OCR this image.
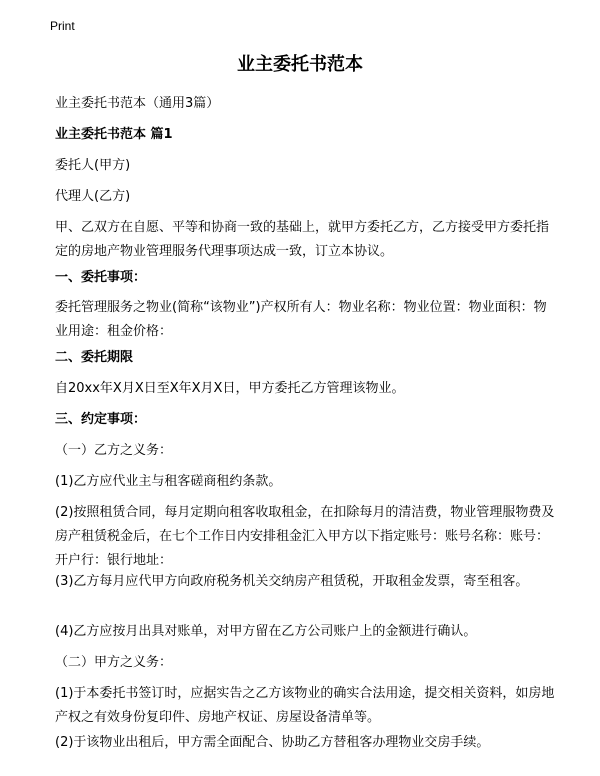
Print
业主委托书范本
业主委托书范本（通用3篇）
业主委托书范本 篇1
委托人(甲方)
代理人(乙方)
甲、乙双方在自愿、平等和协商一致的基础上，就甲方委托乙方，乙方接受甲方委托指定的房地产物业管理服务代理事项达成一致，订立本协议。
一、委托事项：
委托管理服务之物业(简称“该物业”)产权所有人：物业名称：物业位置：物业面积：物业用途：租金价格：
二、委托期限
自20xx年X月X日至X年X月X日，甲方委托乙方管理该物业。
三、约定事项：
（一）乙方之义务：
(1)乙方应代业主与租客磋商租约条款。
(2)按照租赁合同，每月定期向租客收取租金，在扣除每月的清洁费，物业管理服物费及房产租赁税金后，在七个工作日内安排租金汇入甲方以下指定账号：账号名称：账号：开户行：银行地址：
(3)乙方每月应代甲方向政府税务机关交纳房产租赁税，开取租金发票，寄至租客。
(4)乙方应按月出具对账单，对甲方留在乙方公司账户上的金额进行确认。
（二）甲方之义务：
(1)于本委托书签订时，应据实告之乙方该物业的确实合法用途，提交相关资料，如房地产权之有效身份复印件、房地产权证、房屋设备清单等。
(2)于该物业出租后，甲方需全面配合、协助乙方替租客办理物业交房手续。
